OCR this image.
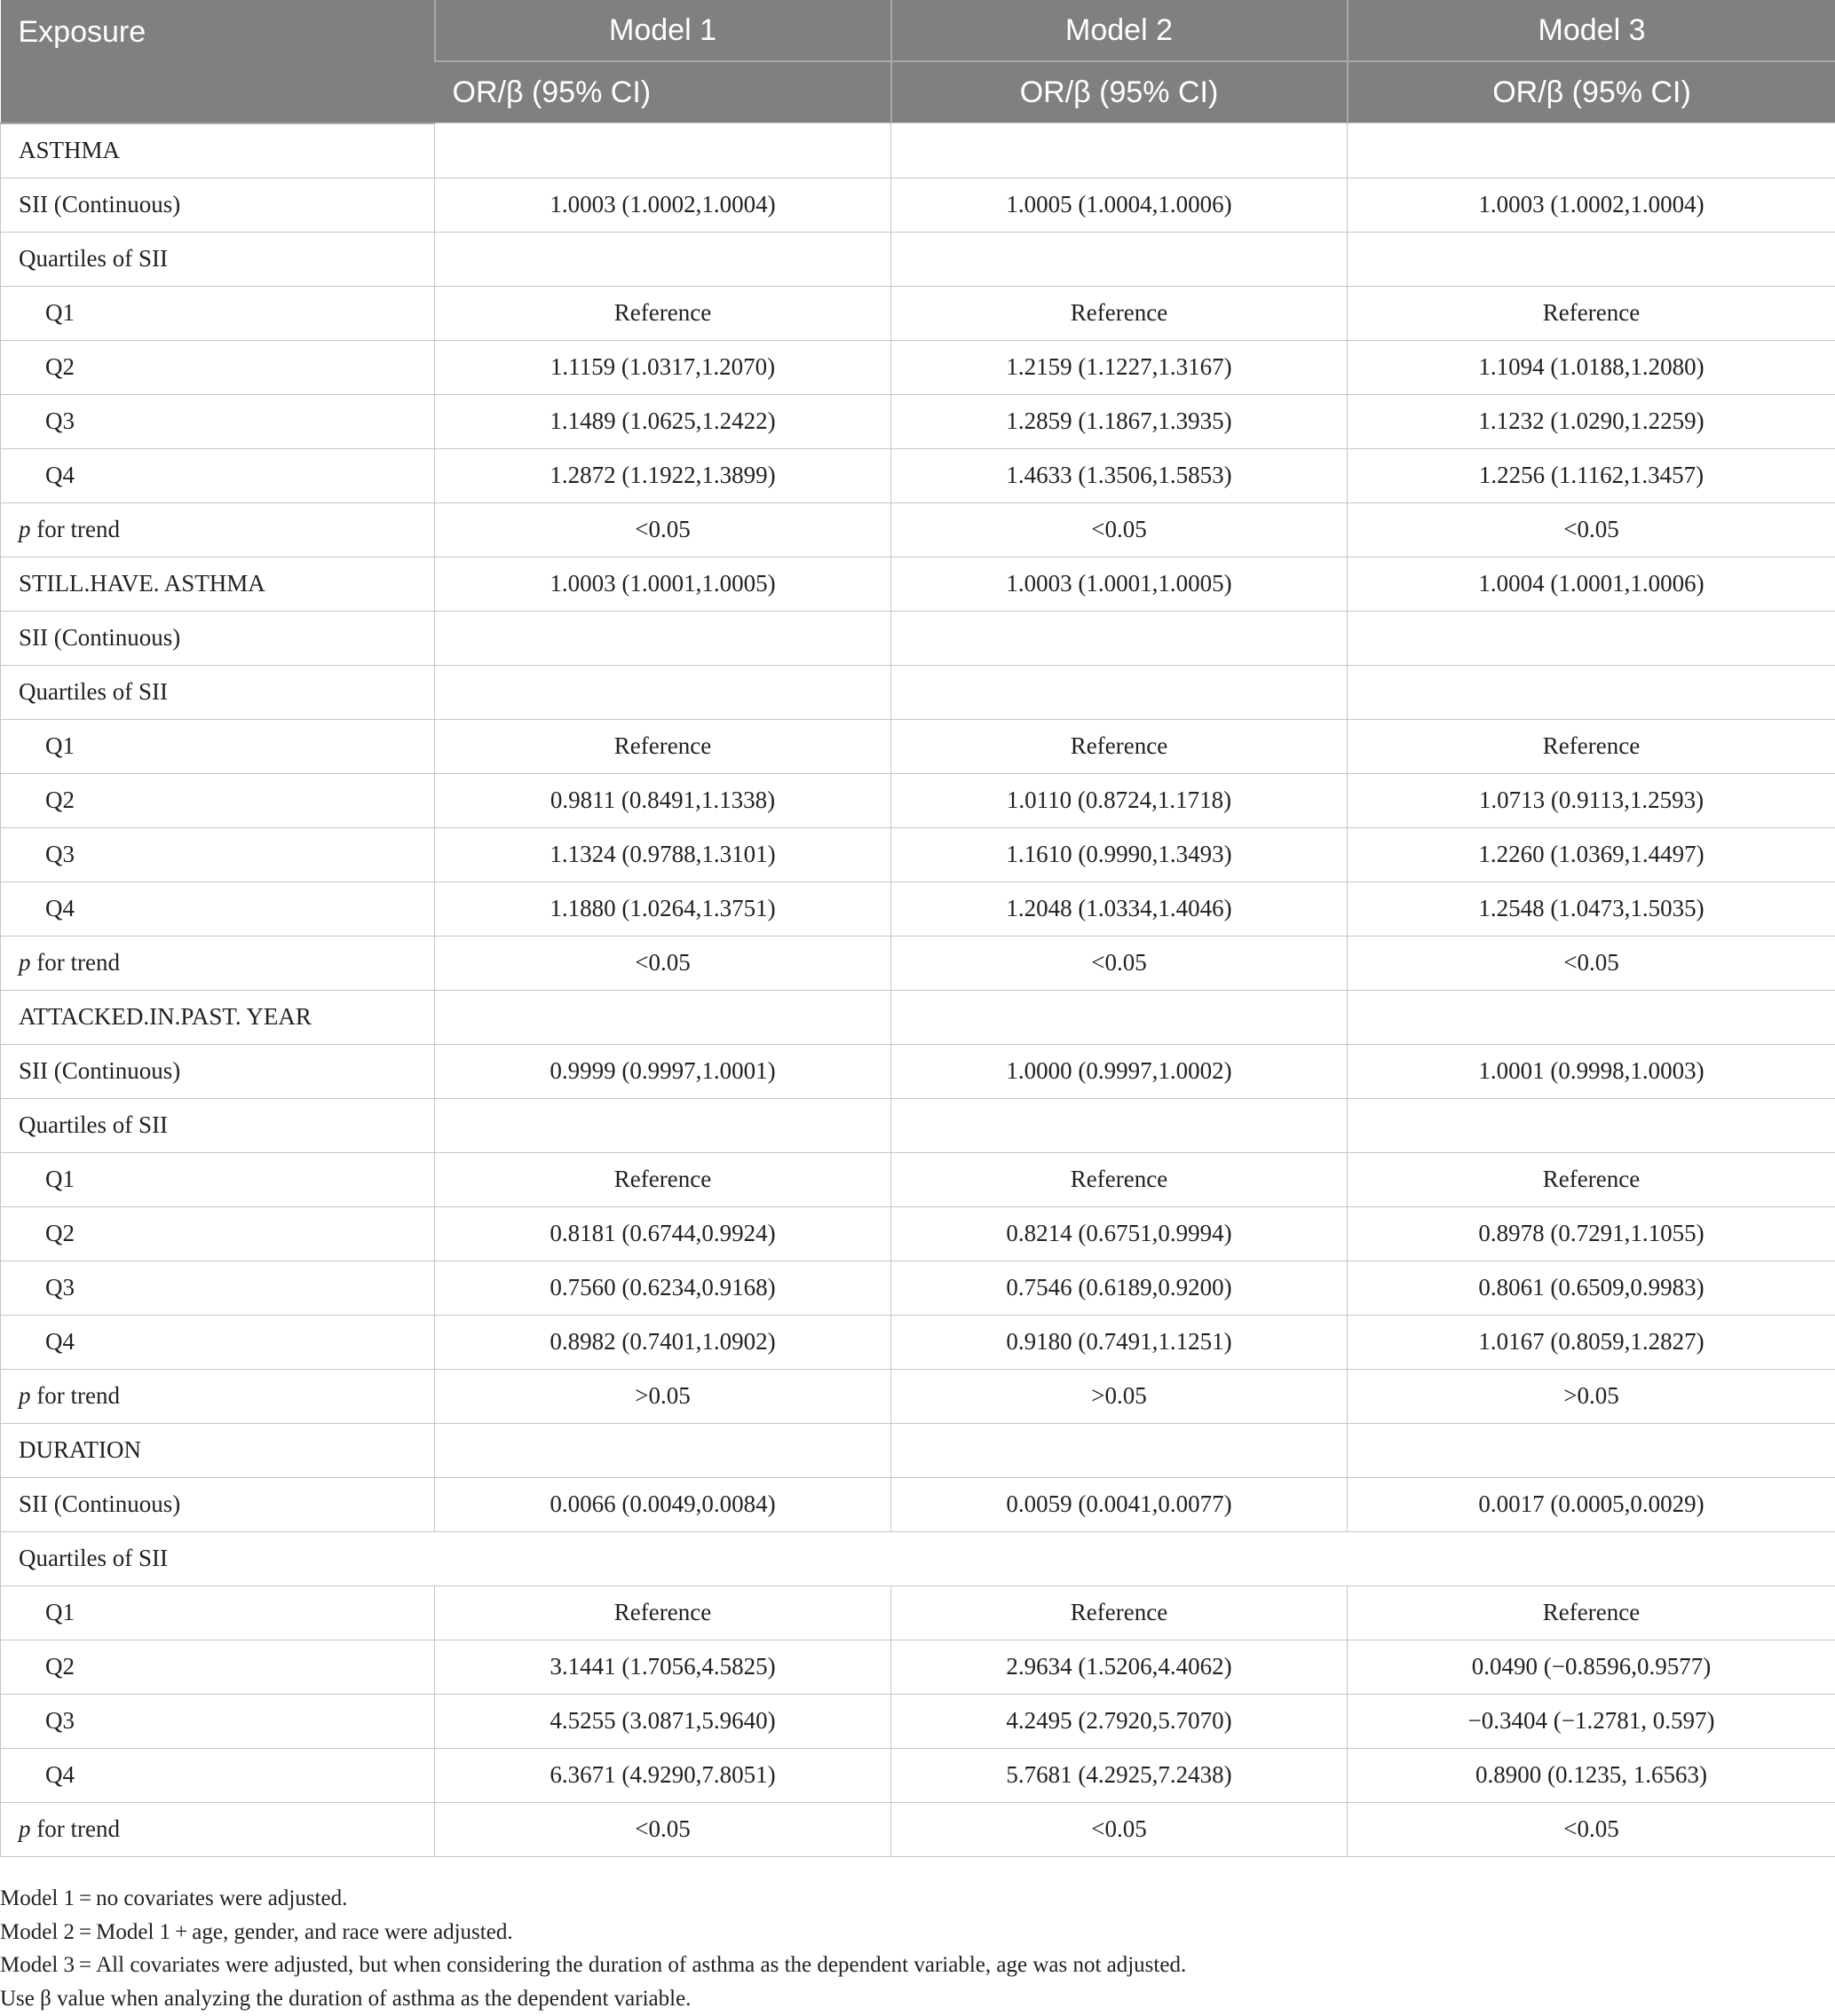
Exposure	Model 1	Model 2	Model 3
	OR/β (95% CI)	OR/β (95% CI)	OR/β (95% CI)
ASTHMA			
SII (Continuous)	1.0003 (1.0002,1.0004)	1.0005 (1.0004,1.0006)	1.0003 (1.0002,1.0004)
Quartiles of SII			
Q1	Reference	Reference	Reference
Q2	1.1159 (1.0317,1.2070)	1.2159 (1.1227,1.3167)	1.1094 (1.0188,1.2080)
Q3	1.1489 (1.0625,1.2422)	1.2859 (1.1867,1.3935)	1.1232 (1.0290,1.2259)
Q4	1.2872 (1.1922,1.3899)	1.4633 (1.3506,1.5853)	1.2256 (1.1162,1.3457)
p for trend	<0.05	<0.05	<0.05
STILL.HAVE. ASTHMA	1.0003 (1.0001,1.0005)	1.0003 (1.0001,1.0005)	1.0004 (1.0001,1.0006)
SII (Continuous)			
Quartiles of SII			
Q1	Reference	Reference	Reference
Q2	0.9811 (0.8491,1.1338)	1.0110 (0.8724,1.1718)	1.0713 (0.9113,1.2593)
Q3	1.1324 (0.9788,1.3101)	1.1610 (0.9990,1.3493)	1.2260 (1.0369,1.4497)
Q4	1.1880 (1.0264,1.3751)	1.2048 (1.0334,1.4046)	1.2548 (1.0473,1.5035)
p for trend	<0.05	<0.05	<0.05
ATTACKED.IN.PAST. YEAR			
SII (Continuous)	0.9999 (0.9997,1.0001)	1.0000 (0.9997,1.0002)	1.0001 (0.9998,1.0003)
Quartiles of SII			
Q1	Reference	Reference	Reference
Q2	0.8181 (0.6744,0.9924)	0.8214 (0.6751,0.9994)	0.8978 (0.7291,1.1055)
Q3	0.7560 (0.6234,0.9168)	0.7546 (0.6189,0.9200)	0.8061 (0.6509,0.9983)
Q4	0.8982 (0.7401,1.0902)	0.9180 (0.7491,1.1251)	1.0167 (0.8059,1.2827)
p for trend	>0.05	>0.05	>0.05
DURATION			
SII (Continuous)	0.0066 (0.0049,0.0084)	0.0059 (0.0041,0.0077)	0.0017 (0.0005,0.0029)
Quartiles of SII			
Q1	Reference	Reference	Reference
Q2	3.1441 (1.7056,4.5825)	2.9634 (1.5206,4.4062)	0.0490 (−0.8596,0.9577)
Q3	4.5255 (3.0871,5.9640)	4.2495 (2.7920,5.7070)	−0.3404 (−1.2781, 0.597)
Q4	6.3671 (4.9290,7.8051)	5.7681 (4.2925,7.2438)	0.8900 (0.1235, 1.6563)
p for trend	<0.05	<0.05	<0.05
Model 1 = no covariates were adjusted.
Model 2 = Model 1 + age, gender, and race were adjusted.
Model 3 = All covariates were adjusted, but when considering the duration of asthma as the dependent variable, age was not adjusted.
Use β value when analyzing the duration of asthma as the dependent variable.
